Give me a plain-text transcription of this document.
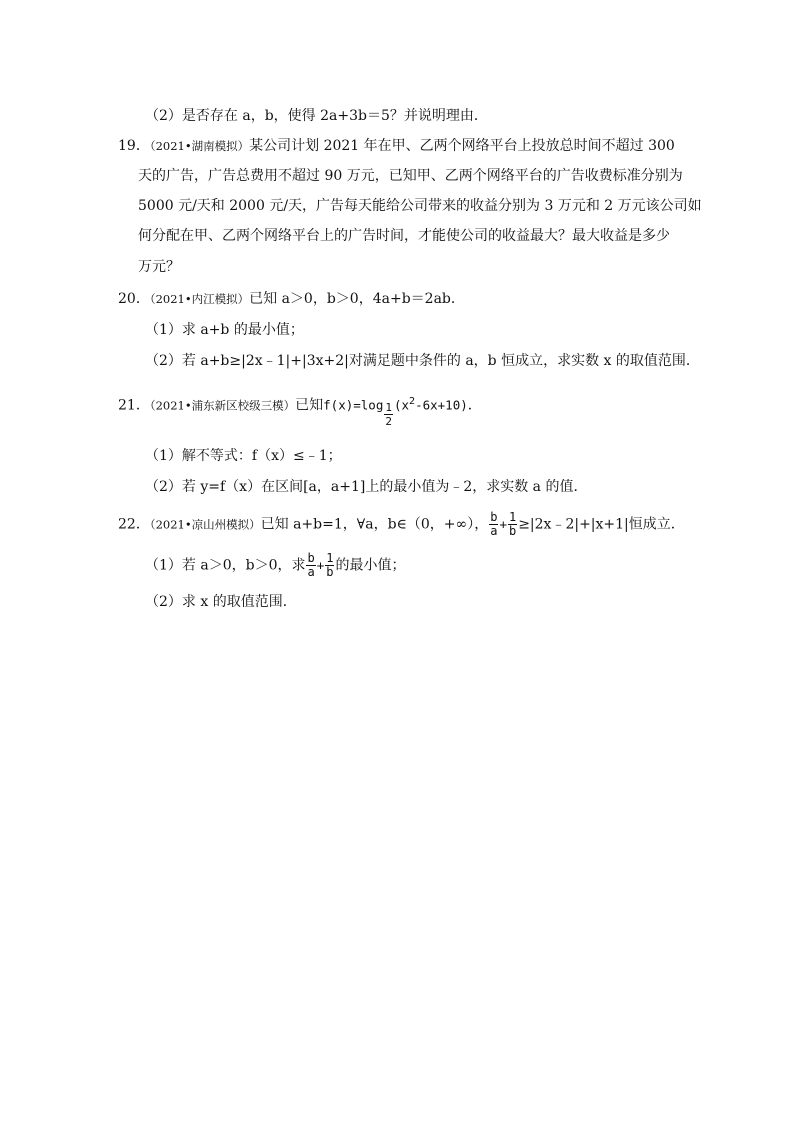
（2）是否存在 a，b，使得 2a+3b＝5？并说明理由．
19．（2021•湖南模拟）某公司计划 2021 年在甲、乙两个网络平台上投放总时间不超过 300
天的广告，广告总费用不超过 90 万元，已知甲、乙两个网络平台的广告收费标准分别为
5000 元/天和 2000 元/天，广告每天能给公司带来的收益分别为 3 万元和 2 万元该公司如
何分配在甲、乙两个网络平台上的广告时间，才能使公司的收益最大？最大收益是多少
万元？
20．（2021•内江模拟）已知 a＞0，b＞0，4a+b＝2ab．
（1）求 a+b 的最小值；
（2）若 a+b≥|2x﹣1|+|3x+2|对满足题中条件的 a，b 恒成立，求实数 x 的取值范围．
21．（2021•浦东新区校级三模）已知$f(x)=\log \frac{1}{2} (x^2-6x+10)$．
（1）解不等式：f（x）≤﹣1；
（2）若 y=f（x）在区间[a，a+1]上的最小值为﹣2，求实数 a 的值．
22．（2021•凉山州模拟）已知 a+b=1，∀a，b∈（0，+∞）， $\frac{b}{a} + \frac{1}{b}$ ≥|2x﹣2|+|x+1|恒成立．
（1）若 a＞0，b＞0，求 $\frac{b}{a} + \frac{1}{b}$ 的最小值；
（2）求 x 的取值范围．
